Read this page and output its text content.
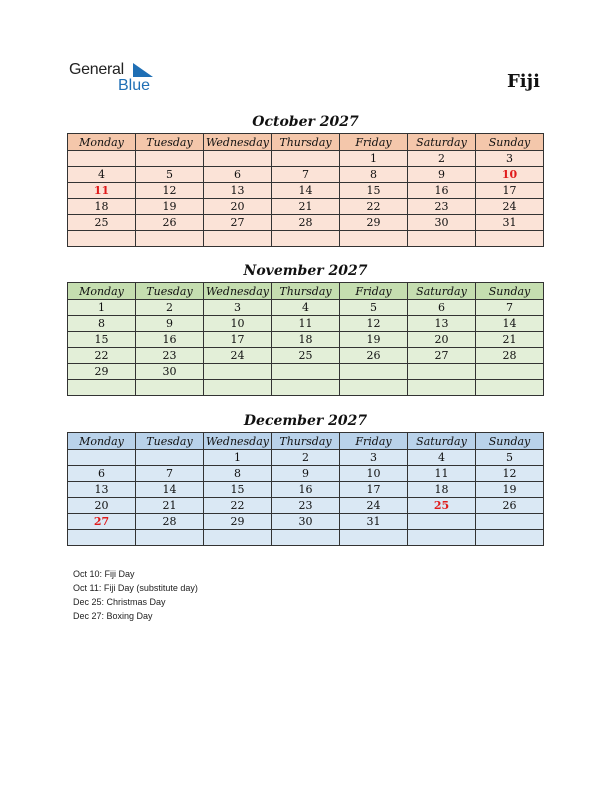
General
Blue	Fiji
October 2027
Monday	Tuesday	Wednesday	Thursday	Friday	Saturday	Sunday
				1	2	3
4	5	6	7	8	9	10
11	12	13	14	15	16	17
18	19	20	21	22	23	24
25	26	27	28	29	30	31

November 2027
Monday	Tuesday	Wednesday	Thursday	Friday	Saturday	Sunday
1	2	3	4	5	6	7
8	9	10	11	12	13	14
15	16	17	18	19	20	21
22	23	24	25	26	27	28
29	30					

December 2027
Monday	Tuesday	Wednesday	Thursday	Friday	Saturday	Sunday
		1	2	3	4	5
6	7	8	9	10	11	12
13	14	15	16	17	18	19
20	21	22	23	24	25	26
27	28	29	30	31		

Oct 10: Fiji Day
Oct 11: Fiji Day (substitute day)
Dec 25: Christmas Day
Dec 27: Boxing Day
